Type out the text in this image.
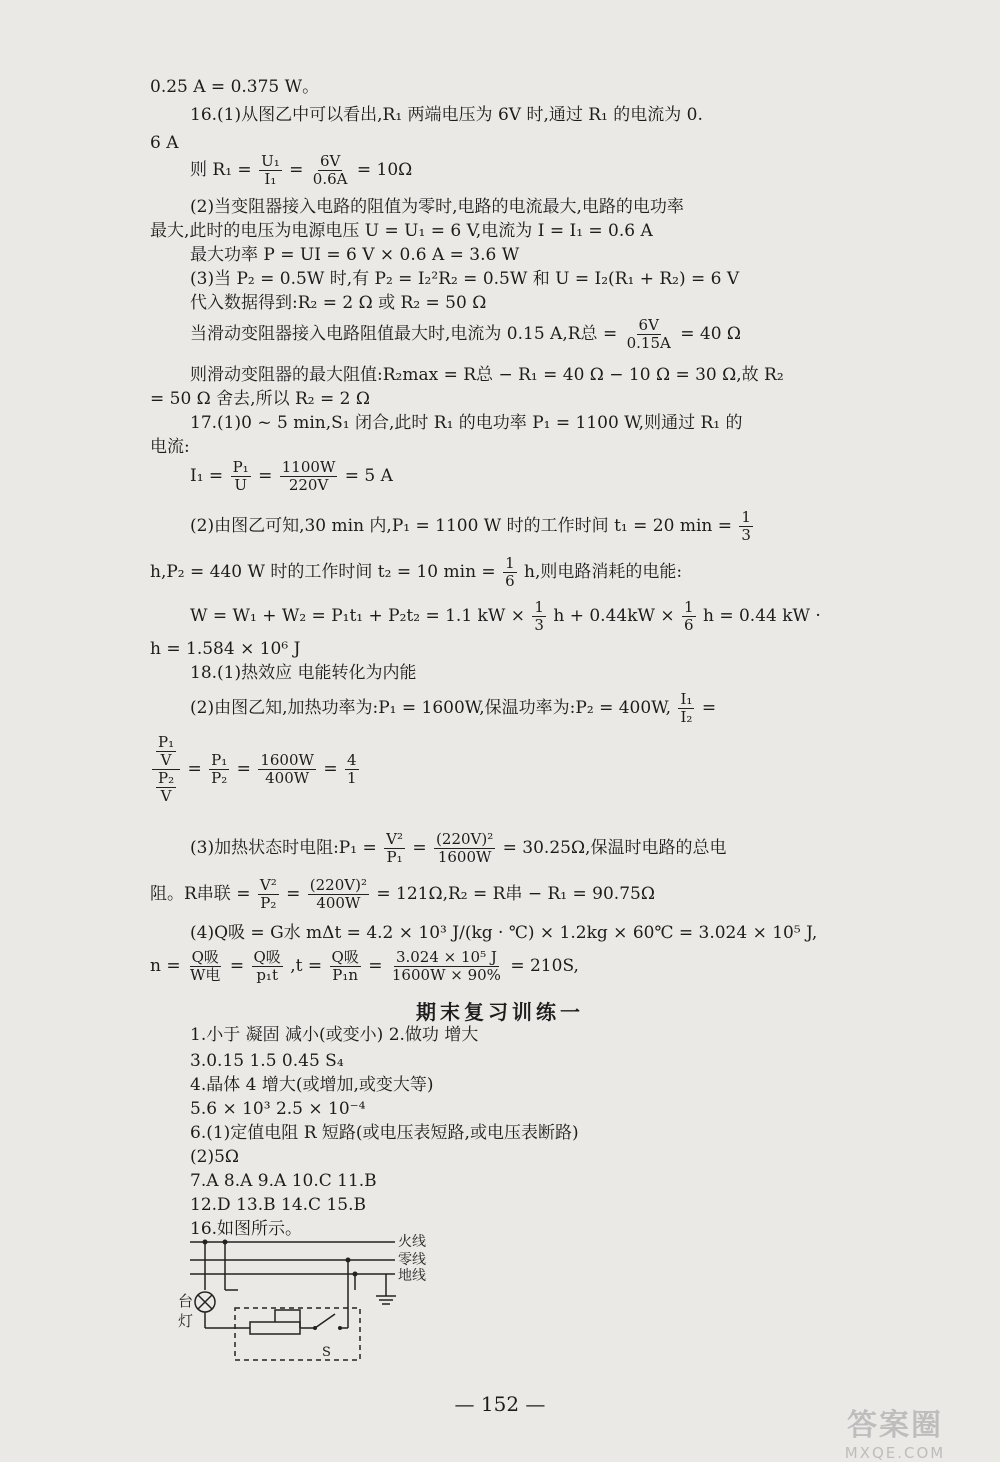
0.25 A = 0.375 W。
16.(1)从图乙中可以看出,R₁ 两端电压为 6V 时,通过 R₁ 的电流为 0.
6 A
则 $R_1 = \frac{\text{U₁}}{\text{I₁}} = \frac{6V}{0.6A} = 10\Omega$
(2)当变阻器接入电路的阻值为零时,电路的电流最大,电路的电功率
最大,此时的电压为电源电压 U = U₁ = 6 V,电流为 I = I₁ = 0.6 A
最大功率 P = UI = 6 V × 0.6 A = 3.6 W
(3)当 P₂ = 0.5W 时,有 P₂ = I₂²R₂ = 0.5W 和 U = I₂(R₁ + R₂) = 6 V
代入数据得到:R₂ = 2 Ω 或 R₂ = 50 Ω
当滑动变阻器接入电路阻值最大时,电流为 0.15 A,R总 = $\frac{6V}{0.15A} = 40$ Ω
则滑动变阻器的最大阻值:R₂max = R总 − R₁ = 40 Ω − 10 Ω = 30 Ω,故 R₂
= 50 Ω 舍去,所以 R₂ = 2 Ω
17.(1)0 ~ 5 min,S₁ 闭合,此时 R₁ 的电功率 P₁ = 1100 W,则通过 R₁ 的
电流:
$I_1 = \frac{\text{P₁}}{U} = \frac{1100W}{220V} = 5$ A
(2)由图乙可知,30 min 内,P₁ = 1100 W 时的工作时间 t₁ = 20 $\min = \frac{1}{3}$
h,P₂ = 440 W 时的工作时间 t₂ = 10 $\min = \frac{1}{6} h$,则电路消耗的电能:
W = W₁ + W₂ = P₁t₁ + P₂t₂ = 1.1 kW × $\frac{1}{3}$ $h + 0.44kW \times \frac{1}{6}$ h = 0.44 kW ·
h = 1.584 × 10⁶ J
18.(1)热效应 电能转化为内能
(2)由图乙知,加热功率为:P₁ = 1600W,保温功率为:P₂ = 400W, $\frac{\text{I₁}}{\text{I₂}}$ =
$\frac{\frac{\text{P₁}}{V}}{\frac{\text{P₂}}{V}} = \frac{\text{P₁}}{\text{P₂}} = \frac{1600W}{400W} = \frac{4}{1}$
(3)加热状态时电阻:P₁ = $\frac{\text{V²}}{\text{P₁}} = \frac{\text{(220V)²}}{1600W} = 30.25\Omega$,保温时电路的总电
阻。R串联 = $\frac{\text{V²}}{\text{P₂}} = \frac{\text{(220V)²}}{400W} = 121\Omega,R_2 = R$串 − R₁ = 90.75Ω
(4)Q吸 = G水 mΔt = 4.2 × 10³ J/(kg · ℃) × 1.2kg × 60℃ = 3.024 × 10⁵ J,
$n = \frac{\text{Q吸}}{\text{W电}} = \frac{\text{Q吸}}{\text{p₁t}} ,t = \frac{\text{Q吸}}{\text{P₁n}} = \frac{\text{3.024 × 10⁵ J}}{1600W \times 90\%} = 210S$,
期末复习训练一
1.小于 凝固 减小(或变小) 2.做功 增大
3.0.15 1.5 0.45 S₄
4.晶体 4 增大(或增加,或变大等)
5.6 × 10³ 2.5 × 10⁻⁴
6.(1)定值电阻 R 短路(或电压表短路,或电压表断路)
(2)5Ω
7.A 8.A 9.A 10.C 11.B
12.D 13.B 14.C 15.B
16.如图所示。
火线
零线
地线
台
灯
S
— 152 —
答案圈
MXQE.COM
